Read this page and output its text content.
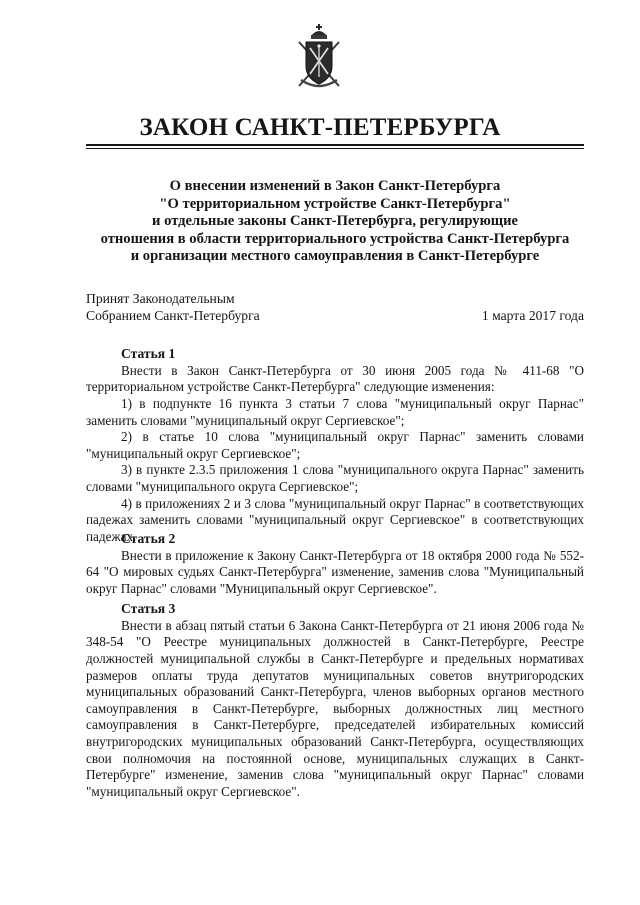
ЗАКОН САНКТ-ПЕТЕРБУРГА
О внесении изменений в Закон Санкт-Петербурга
"О территориальном устройстве Санкт-Петербурга"
и отдельные законы Санкт-Петербурга, регулирующие
отношения в области территориального устройства Санкт-Петербурга
и организации местного самоуправления в Санкт-Петербурге
Принят Законодательным
Собранием Санкт-Петербурга	1 марта 2017 года
Статья 1

Внести в Закон Санкт-Петербурга от 30 июня 2005 года № 411-68 "О территориальном устройстве Санкт-Петербурга" следующие изменения:

1) в подпункте 16 пункта 3 статьи 7 слова "муниципальный округ Парнас" заменить словами "муниципальный округ Сергиевское";

2) в статье 10 слова "муниципальный округ Парнас" заменить словами "муниципальный округ Сергиевское";

3) в пункте 2.3.5 приложения 1 слова "муниципального округа Парнас" заменить словами "муниципального округа Сергиевское";

4) в приложениях 2 и 3 слова "муниципальный округ Парнас" в соответствующих падежах заменить словами "муниципальный округ Сергиевское" в соответствующих падежах.

Статья 2

Внести в приложение к Закону Санкт-Петербурга от 18 октября 2000 года № 552-64 "О мировых судьях Санкт-Петербурга" изменение, заменив слова "Муниципальный округ Парнас" словами "Муниципальный округ Сергиевское".

Статья 3

Внести в абзац пятый статьи 6 Закона Санкт-Петербурга от 21 июня 2006 года № 348-54 "О Реестре муниципальных должностей в Санкт-Петербурге, Реестре должностей муниципальной службы в Санкт-Петербурге и предельных нормативах размеров оплаты труда депутатов муниципальных советов внутригородских муниципальных образований Санкт-Петербурга, членов выборных органов местного самоуправления в Санкт-Петербурге, выборных должностных лиц местного самоуправления в Санкт-Петербурге, председателей избирательных комиссий внутригородских муниципальных образований Санкт-Петербурга, осуществляющих свои полномочия на постоянной основе, муниципальных служащих в Санкт-Петербурге" изменение, заменив слова "муниципальный округ Парнас" словами "муниципальный округ Сергиевское".
